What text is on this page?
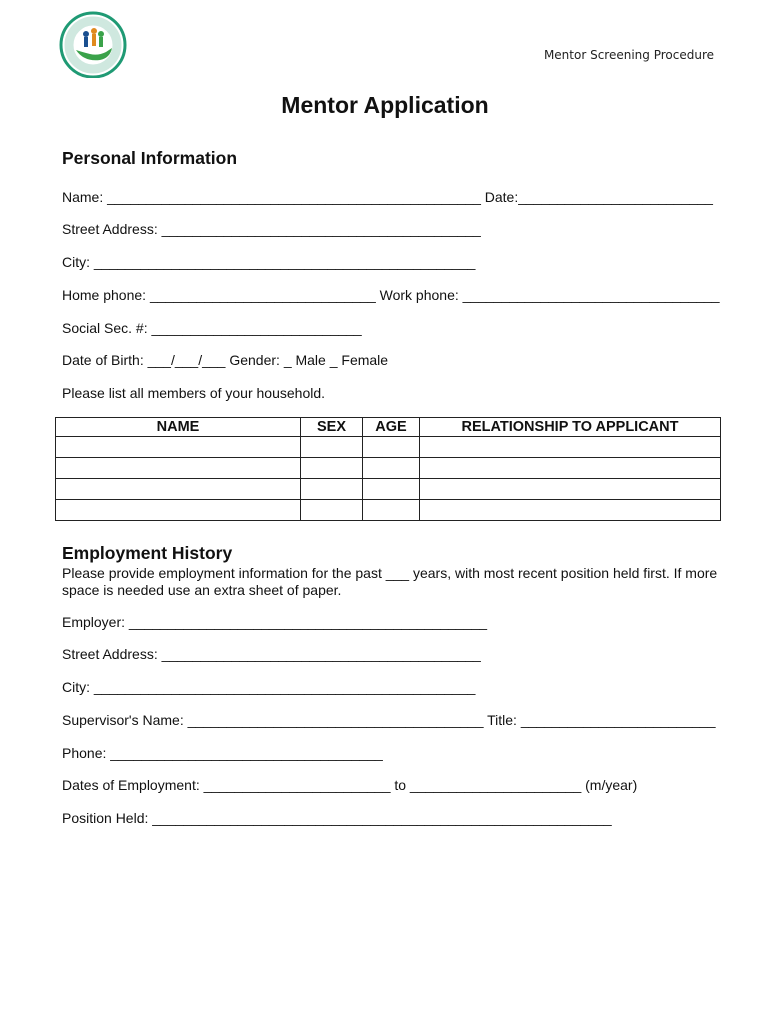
Mentor Screening Procedure
Mentor Application
Personal Information
Name: ________________________________________________ Date:_________________________
Street Address: _________________________________________
City: _________________________________________________
Home phone: _____________________________ Work phone: _________________________________
Social Sec. #: ___________________________
Date of Birth: ___/___/___ Gender: _ Male _ Female
Please list all members of your household.
NAME	SEX	AGE	RELATIONSHIP TO APPLICANT

Employment History
Please provide employment information for the past ___ years, with most recent position held first. If more space is needed use an extra sheet of paper.
Employer: ______________________________________________
Street Address: _________________________________________
City: _________________________________________________
Supervisor's Name: ______________________________________ Title: _________________________
Phone: ___________________________________
Dates of Employment: ________________________ to ______________________ (m/year)
Position Held: ___________________________________________________________
